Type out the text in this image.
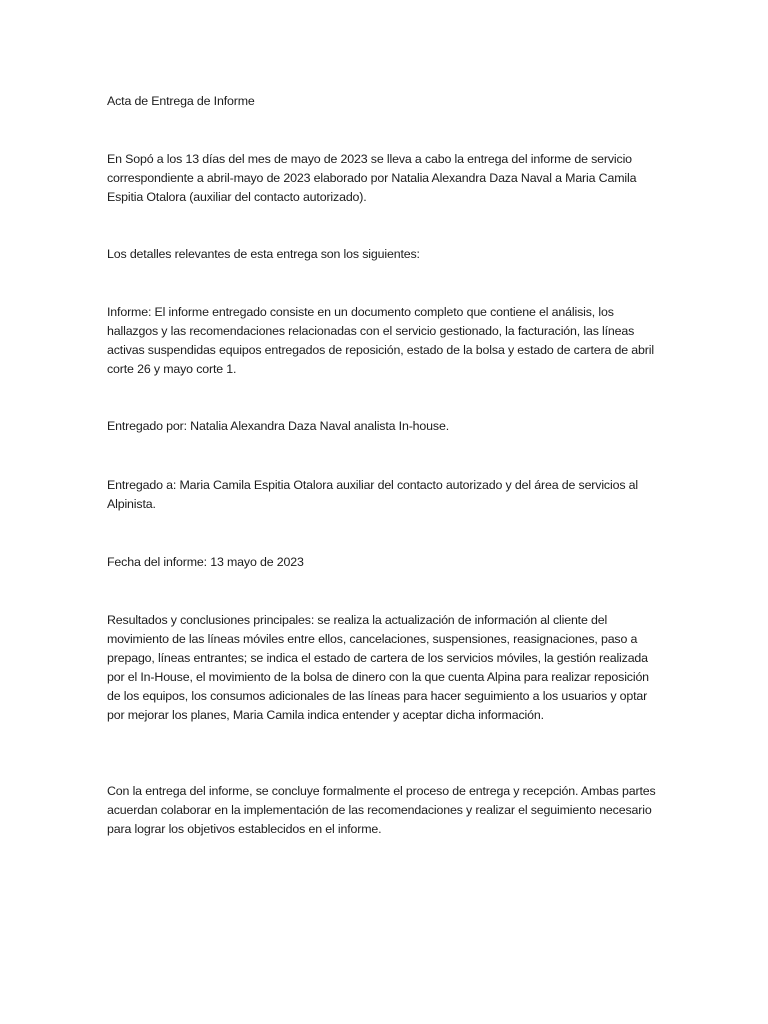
Acta de Entrega de Informe

En Sopó a los 13 días del mes de mayo de 2023 se lleva a cabo la entrega del informe de servicio correspondiente a abril-mayo de 2023 elaborado por Natalia Alexandra Daza Naval a Maria Camila Espitia Otalora (auxiliar del contacto autorizado).

Los detalles relevantes de esta entrega son los siguientes:

Informe: El informe entregado consiste en un documento completo que contiene el análisis, los hallazgos y las recomendaciones relacionadas con el servicio gestionado, la facturación, las líneas activas suspendidas equipos entregados de reposición, estado de la bolsa y estado de cartera de abril corte 26 y mayo corte 1.

Entregado por: Natalia Alexandra Daza Naval analista In-house.

Entregado a: Maria Camila Espitia Otalora auxiliar del contacto autorizado y del área de servicios al Alpinista.

Fecha del informe: 13 mayo de 2023

Resultados y conclusiones principales: se realiza la actualización de información al cliente del movimiento de las líneas móviles entre ellos, cancelaciones, suspensiones, reasignaciones, paso a prepago, líneas entrantes; se indica el estado de cartera de los servicios móviles, la gestión realizada por el In-House, el movimiento de la bolsa de dinero con la que cuenta Alpina para realizar reposición de los equipos, los consumos adicionales de las líneas para hacer seguimiento a los usuarios y optar por mejorar los planes, Maria Camila indica entender y aceptar dicha información.

Con la entrega del informe, se concluye formalmente el proceso de entrega y recepción. Ambas partes acuerdan colaborar en la implementación de las recomendaciones y realizar el seguimiento necesario para lograr los objetivos establecidos en el informe.
